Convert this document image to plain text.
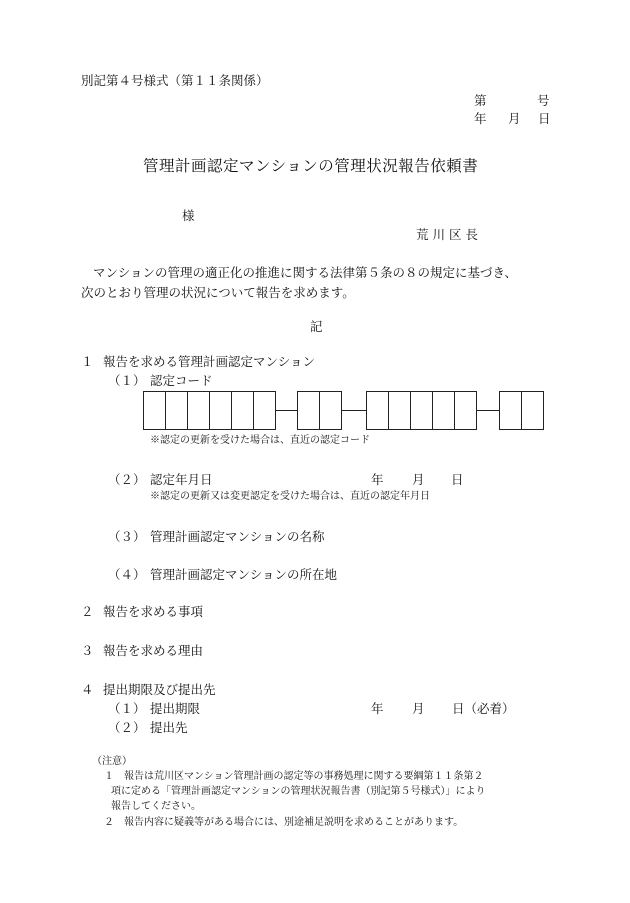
別記第４号様式（第１１条関係）
第	号
年 月 日
管理計画認定マンションの管理状況報告依頼書
様
荒 川 区 長
マンションの管理の適正化の推進に関する法律第５条の８の規定に基づき、
次のとおり管理の状況について報告を求めます。
記
１ 報告を求める管理計画認定マンション
（１） 認定コード
※認定の更新を受けた場合は、直近の認定コード
（２） 認定年月日	年 月 日
※認定の更新又は変更認定を受けた場合は、直近の認定年月日
（３） 管理計画認定マンションの名称
（４） 管理計画認定マンションの所在地
２ 報告を求める事項
３ 報告を求める理由
４ 提出期限及び提出先
（１） 提出期限	年 月 日（必着）
（２） 提出先
（注意）
１ 報告は荒川区マンション管理計画の認定等の事務処理に関する要綱第１１条第２
項に定める「管理計画認定マンションの管理状況報告書（別記第５号様式）」により
報告してください。
２ 報告内容に疑義等がある場合には、別途補足説明を求めることがあります。
